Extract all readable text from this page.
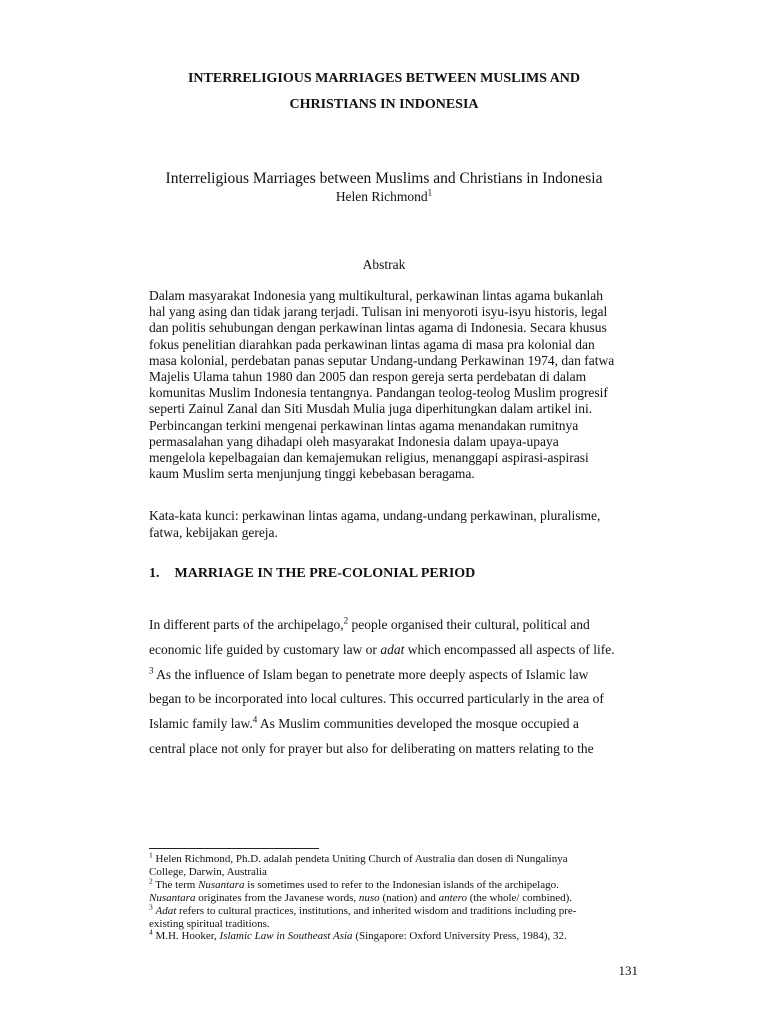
INTERRELIGIOUS MARRIAGES BETWEEN MUSLIMS AND
CHRISTIANS IN INDONESIA

Interreligious Marriages between Muslims and Christians in Indonesia

Helen Richmond$^1$

Abstrak

Dalam masyarakat Indonesia yang multikultural, perkawinan lintas agama bukanlah
hal yang asing dan tidak jarang terjadi. Tulisan ini menyoroti isyu-isyu historis, legal
dan politis sehubungan dengan perkawinan lintas agama di Indonesia. Secara khusus
fokus penelitian diarahkan pada perkawinan lintas agama di masa pra kolonial dan
masa kolonial, perdebatan panas seputar Undang-undang Perkawinan 1974, dan fatwa
Majelis Ulama tahun 1980 dan 2005 dan respon gereja serta perdebatan di dalam
komunitas Muslim Indonesia tentangnya. Pandangan teolog-teolog Muslim progresif
seperti Zainul Zanal dan Siti Musdah Mulia juga diperhitungkan dalam artikel ini.
Perbincangan terkini mengenai perkawinan lintas agama menandakan rumitnya
permasalahan yang dihadapi oleh masyarakat Indonesia dalam upaya-upaya
mengelola kepelbagaian dan kemajemukan religius, menanggapi aspirasi-aspirasi
kaum Muslim serta menjunjung tinggi kebebasan beragama.

Kata-kata kunci: perkawinan lintas agama, undang-undang perkawinan, pluralisme,
fatwa, kebijakan gereja.

1. MARRIAGE IN THE PRE-COLONIAL PERIOD

In different parts of the archipelago,$^2$ people organised their cultural, political and
economic life guided by customary law or adat which encompassed all aspects of life.
$^3$ As the influence of Islam began to penetrate more deeply aspects of Islamic law
began to be incorporated into local cultures. This occurred particularly in the area of
Islamic family law.$^4$ As Muslim communities developed the mosque occupied a
central place not only for prayer but also for deliberating on matters relating to the

$^1$ Helen Richmond, Ph.D. adalah pendeta Uniting Church of Australia dan dosen di Nungalinya
College, Darwin, Australia

$^2$ The term Nusantara is sometimes used to refer to the Indonesian islands of the archipelago.
Nusantara originates from the Javanese words, nuso (nation) and antero (the whole/ combined).

$^3$ Adat refers to cultural practices, institutions, and inherited wisdom and traditions including pre-
existing spiritual traditions.

$^4$ M.H. Hooker, Islamic Law in Southeast Asia (Singapore: Oxford University Press, 1984), 32.

131
